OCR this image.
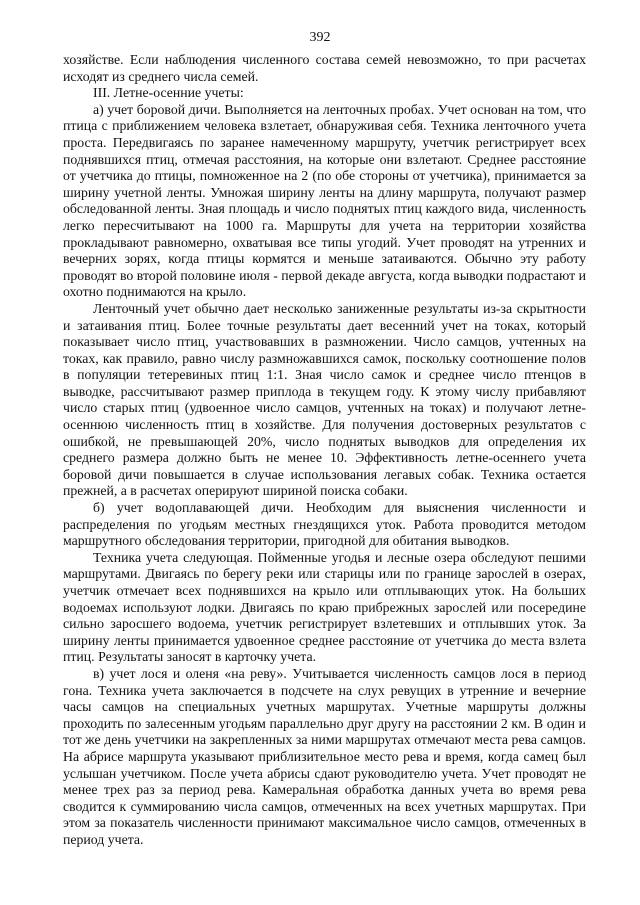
392

хозяйстве. Если наблюдения численного состава семей невозможно, то при расчетах исходят из среднего числа семей.

III. Летне-осенние учеты:

а) учет боровой дичи. Выполняется на ленточных пробах. Учет основан на том, что птица с приближением человека взлетает, обнаруживая себя. Техника ленточного учета проста. Передвигаясь по заранее намеченному маршруту, учетчик регистрирует всех поднявшихся птиц, отмечая расстояния, на которые они взлетают. Среднее расстояние от учетчика до птицы, помноженное на 2 (по обе стороны от учетчика), принимается за ширину учетной ленты. Умножая ширину ленты на длину маршрута, получают размер обследованной ленты. Зная площадь и число поднятых птиц каждого вида, численность легко пересчитывают на 1000 га. Маршруты для учета на территории хозяйства прокладывают равномерно, охватывая все типы угодий. Учет проводят на утренних и вечерних зорях, когда птицы кормятся и меньше затаиваются. Обычно эту работу проводят во второй половине июля - первой декаде августа, когда выводки подрастают и охотно поднимаются на крыло.

Ленточный учет обычно дает несколько заниженные результаты из-за скрытности и затаивания птиц. Более точные результаты дает весенний учет на токах, который показывает число птиц, участвовавших в размножении. Число самцов, учтенных на токах, как правило, равно числу размножавшихся самок, поскольку соотношение полов в популяции тетеревиных птиц 1:1. Зная число самок и среднее число птенцов в выводке, рассчитывают размер приплода в текущем году. К этому числу прибавляют число старых птиц (удвоенное число самцов, учтенных на токах) и получают летне-осеннюю численность птиц в хозяйстве. Для получения достоверных результатов с ошибкой, не превышающей 20%, число поднятых выводков для определения их среднего размера должно быть не менее 10. Эффективность летне-осеннего учета боровой дичи повышается в случае использования легавых собак. Техника остается прежней, а в расчетах оперируют шириной поиска собаки.

б) учет водоплавающей дичи. Необходим для выяснения численности и распределения по угодьям местных гнездящихся уток. Работа проводится методом маршрутного обследования территории, пригодной для обитания выводков.

Техника учета следующая. Пойменные угодья и лесные озера обследуют пешими маршрутами. Двигаясь по берегу реки или старицы или по границе зарослей в озерах, учетчик отмечает всех поднявшихся на крыло или отплывающих уток. На больших водоемах используют лодки. Двигаясь по краю прибрежных зарослей или посередине сильно заросшего водоема, учетчик регистрирует взлетевших и отплывших уток. За ширину ленты принимается удвоенное среднее расстояние от учетчика до места взлета птиц. Результаты заносят в карточку учета.

в) учет лося и оленя «на реву». Учитывается численность самцов лося в период гона. Техника учета заключается в подсчете на слух ревущих в утренние и вечерние часы самцов на специальных учетных маршрутах. Учетные маршруты должны проходить по залесенным угодьям параллельно друг другу на расстоянии 2 км. В один и тот же день учетчики на закрепленных за ними маршрутах отмечают места рева самцов. На абрисе маршрута указывают приблизительное место рева и время, когда самец был услышан учетчиком. После учета абрисы сдают руководителю учета. Учет проводят не менее трех раз за период рева. Камеральная обработка данных учета во время рева сводится к суммированию числа самцов, отмеченных на всех учетных маршрутах. При этом за показатель численности принимают максимальное число самцов, отмеченных в период учета.
